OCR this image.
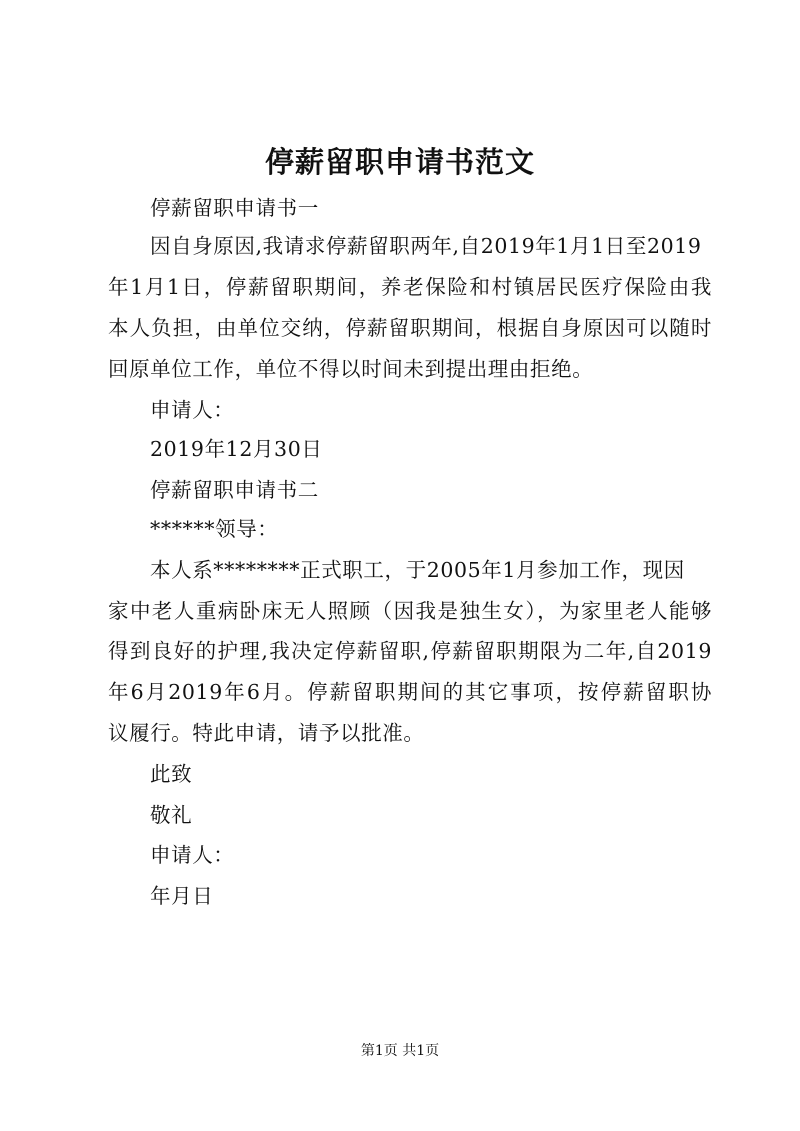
停薪留职申请书范文
停薪留职申请书一
因自身原因,我请求停薪留职两年,自2019年1月1日至2019
年1月1日，停薪留职期间，养老保险和村镇居民医疗保险由我
本人负担，由单位交纳，停薪留职期间，根据自身原因可以随时
回原单位工作，单位不得以时间未到提出理由拒绝。
申请人：
2019年12月30日
停薪留职申请书二
******领导：
本人系********正式职工，于2005年1月参加工作，现因
家中老人重病卧床无人照顾（因我是独生女），为家里老人能够
得到良好的护理,我决定停薪留职,停薪留职期限为二年,自2019
年6月2019年6月。停薪留职期间的其它事项，按停薪留职协
议履行。特此申请，请予以批准。
此致
敬礼
申请人：
年月日
第1页 共1页
